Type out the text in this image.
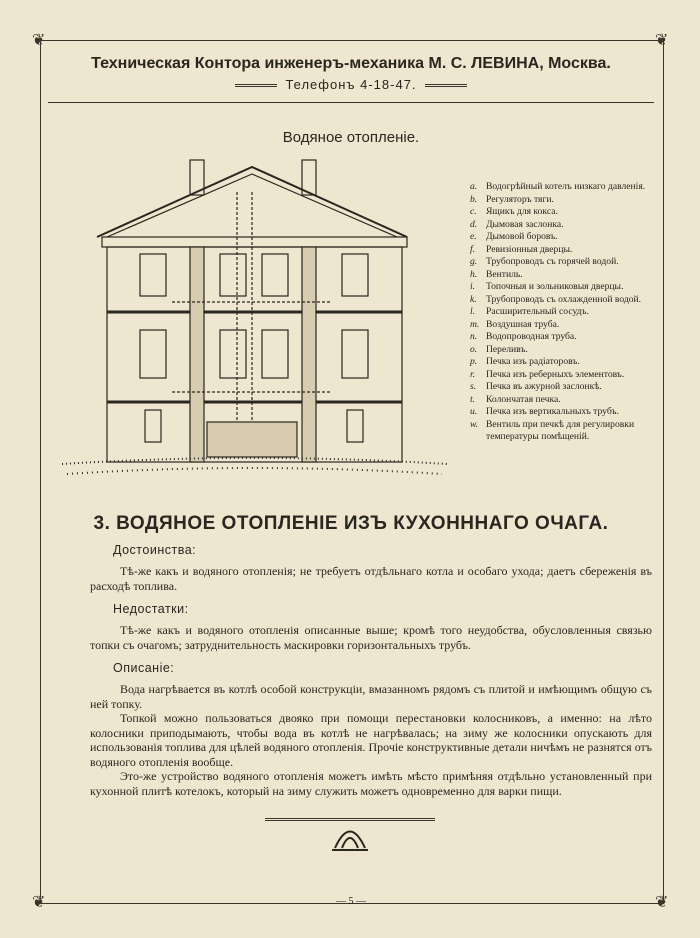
❦	❦
❦	❦
Техническая Контора инженеръ-механика М. С. ЛЕВИНА, Москва.
Телефонъ 4-18-47.
Водяное отопленіе.
a. Водогрѣйный котелъ низкаго давленія.
b. Регуляторъ тяги.
c. Ящикъ для кокса.
d. Дымовая заслонка.
e. Дымовой боровъ.
f.	Ревизіонныя дверцы.
g. Трубопроводъ съ горячей водой.
h. Вентиль.
i.	Топочныя и зольниковыя дверцы.
k. Трубопроводъ съ охлажденной водой.
l.	Расширительный сосудъ.
m. Воздушная труба.
n. Водопроводная труба.
o. Переливъ.
p. Печка изъ радіаторовъ.
r.	Печка изъ реберныхъ элементовъ.
s.	Печка въ ажурной заслонкѣ.
t.	Колончатая печка.
u. Печка изъ вертикальныхъ трубъ.
w. Вентиль при печкѣ для регулировки температуры помѣщеній.
3. ВОДЯНОЕ ОТОПЛЕНІЕ ИЗЪ КУХОНННАГО ОЧАГА.
Достоинства:

Тѣ-же какъ и водяного отопленія; не требуетъ отдѣльнаго котла и особаго ухода; даетъ сбереженія въ расходѣ топлива.

Недостатки:

Тѣ-же какъ и водяного отопленія описанные выше; кромѣ того неудобства, обусловленныя связью топки съ очагомъ; затруднительность маскировки горизонтальныхъ трубъ.

Описаніе:

Вода нагрѣвается въ котлѣ особой конструкціи, вмазанномъ рядомъ съ плитой и имѣющимъ общую съ ней топку.

Топкой можно пользоваться двояко при помощи перестановки колосниковъ, а именно: на лѣто колосники приподымають, чтобы вода въ котлѣ не нагрѣвалась; на зиму же колосники опускають для использованія топлива для цѣлей водяного отопленія. Прочіе конструктивные детали ничѣмъ не разнятся отъ водяного отопленія вообще.

Это-же устройство водяного отопленія можетъ имѣть мѣсто примѣняя отдѣльно установленный при кухонной плитѣ котелокъ, который на зиму служить можетъ одновременно для варки пищи.

— 5 —
